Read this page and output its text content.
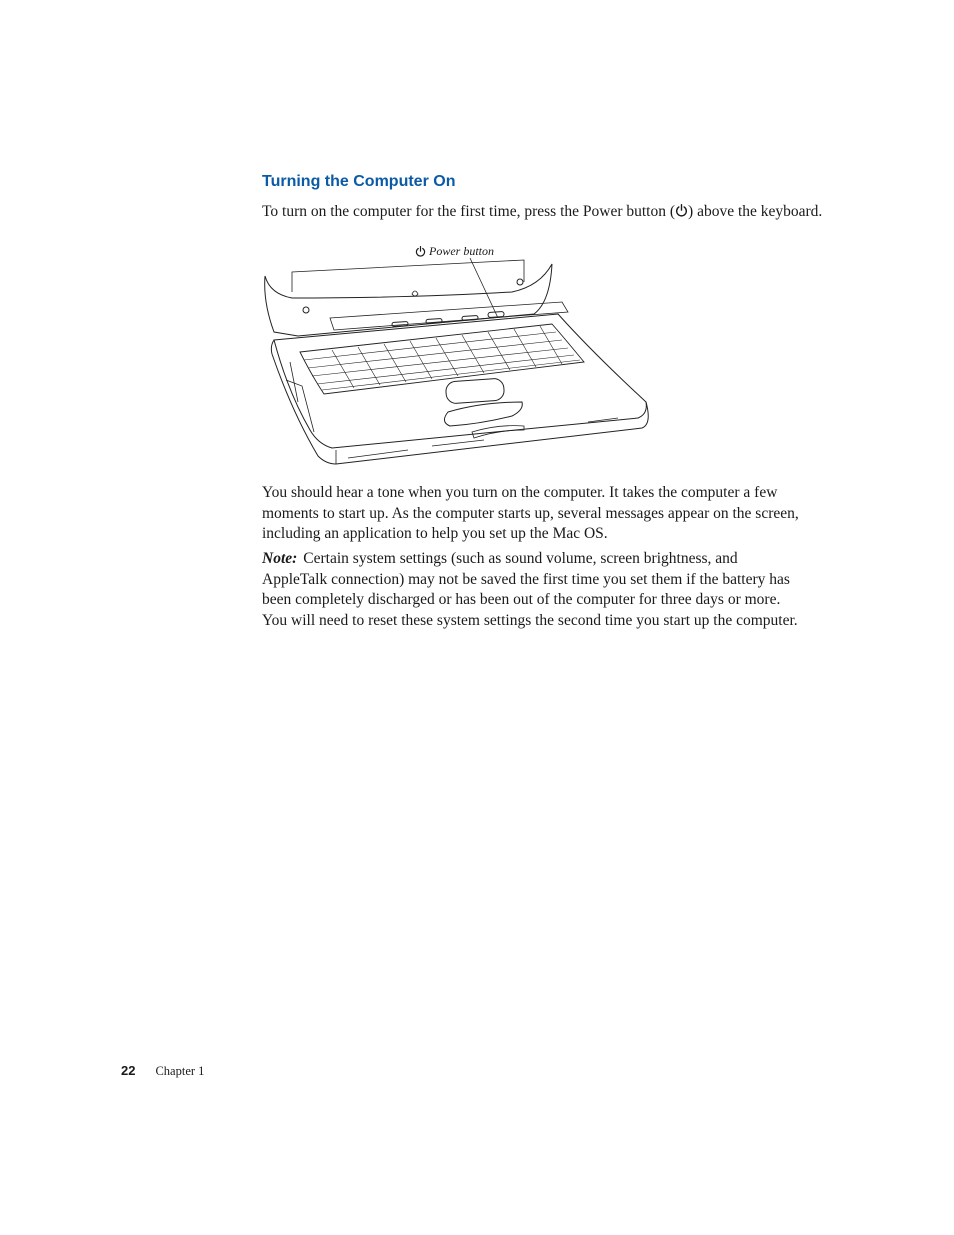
Turning the Computer On

To turn on the computer for the first time, press the Power button ( ) above the keyboard.

Power button

You should hear a tone when you turn on the computer. It takes the computer a few moments to start up. As the computer starts up, several messages appear on the screen, including an application to help you set up the Mac OS.

Note: Certain system settings (such as sound volume, screen brightness, and AppleTalk connection) may not be saved the first time you set them if the battery has been completely discharged or has been out of the computer for three days or more. You will need to reset these system settings the second time you start up the computer.

22 Chapter 1
